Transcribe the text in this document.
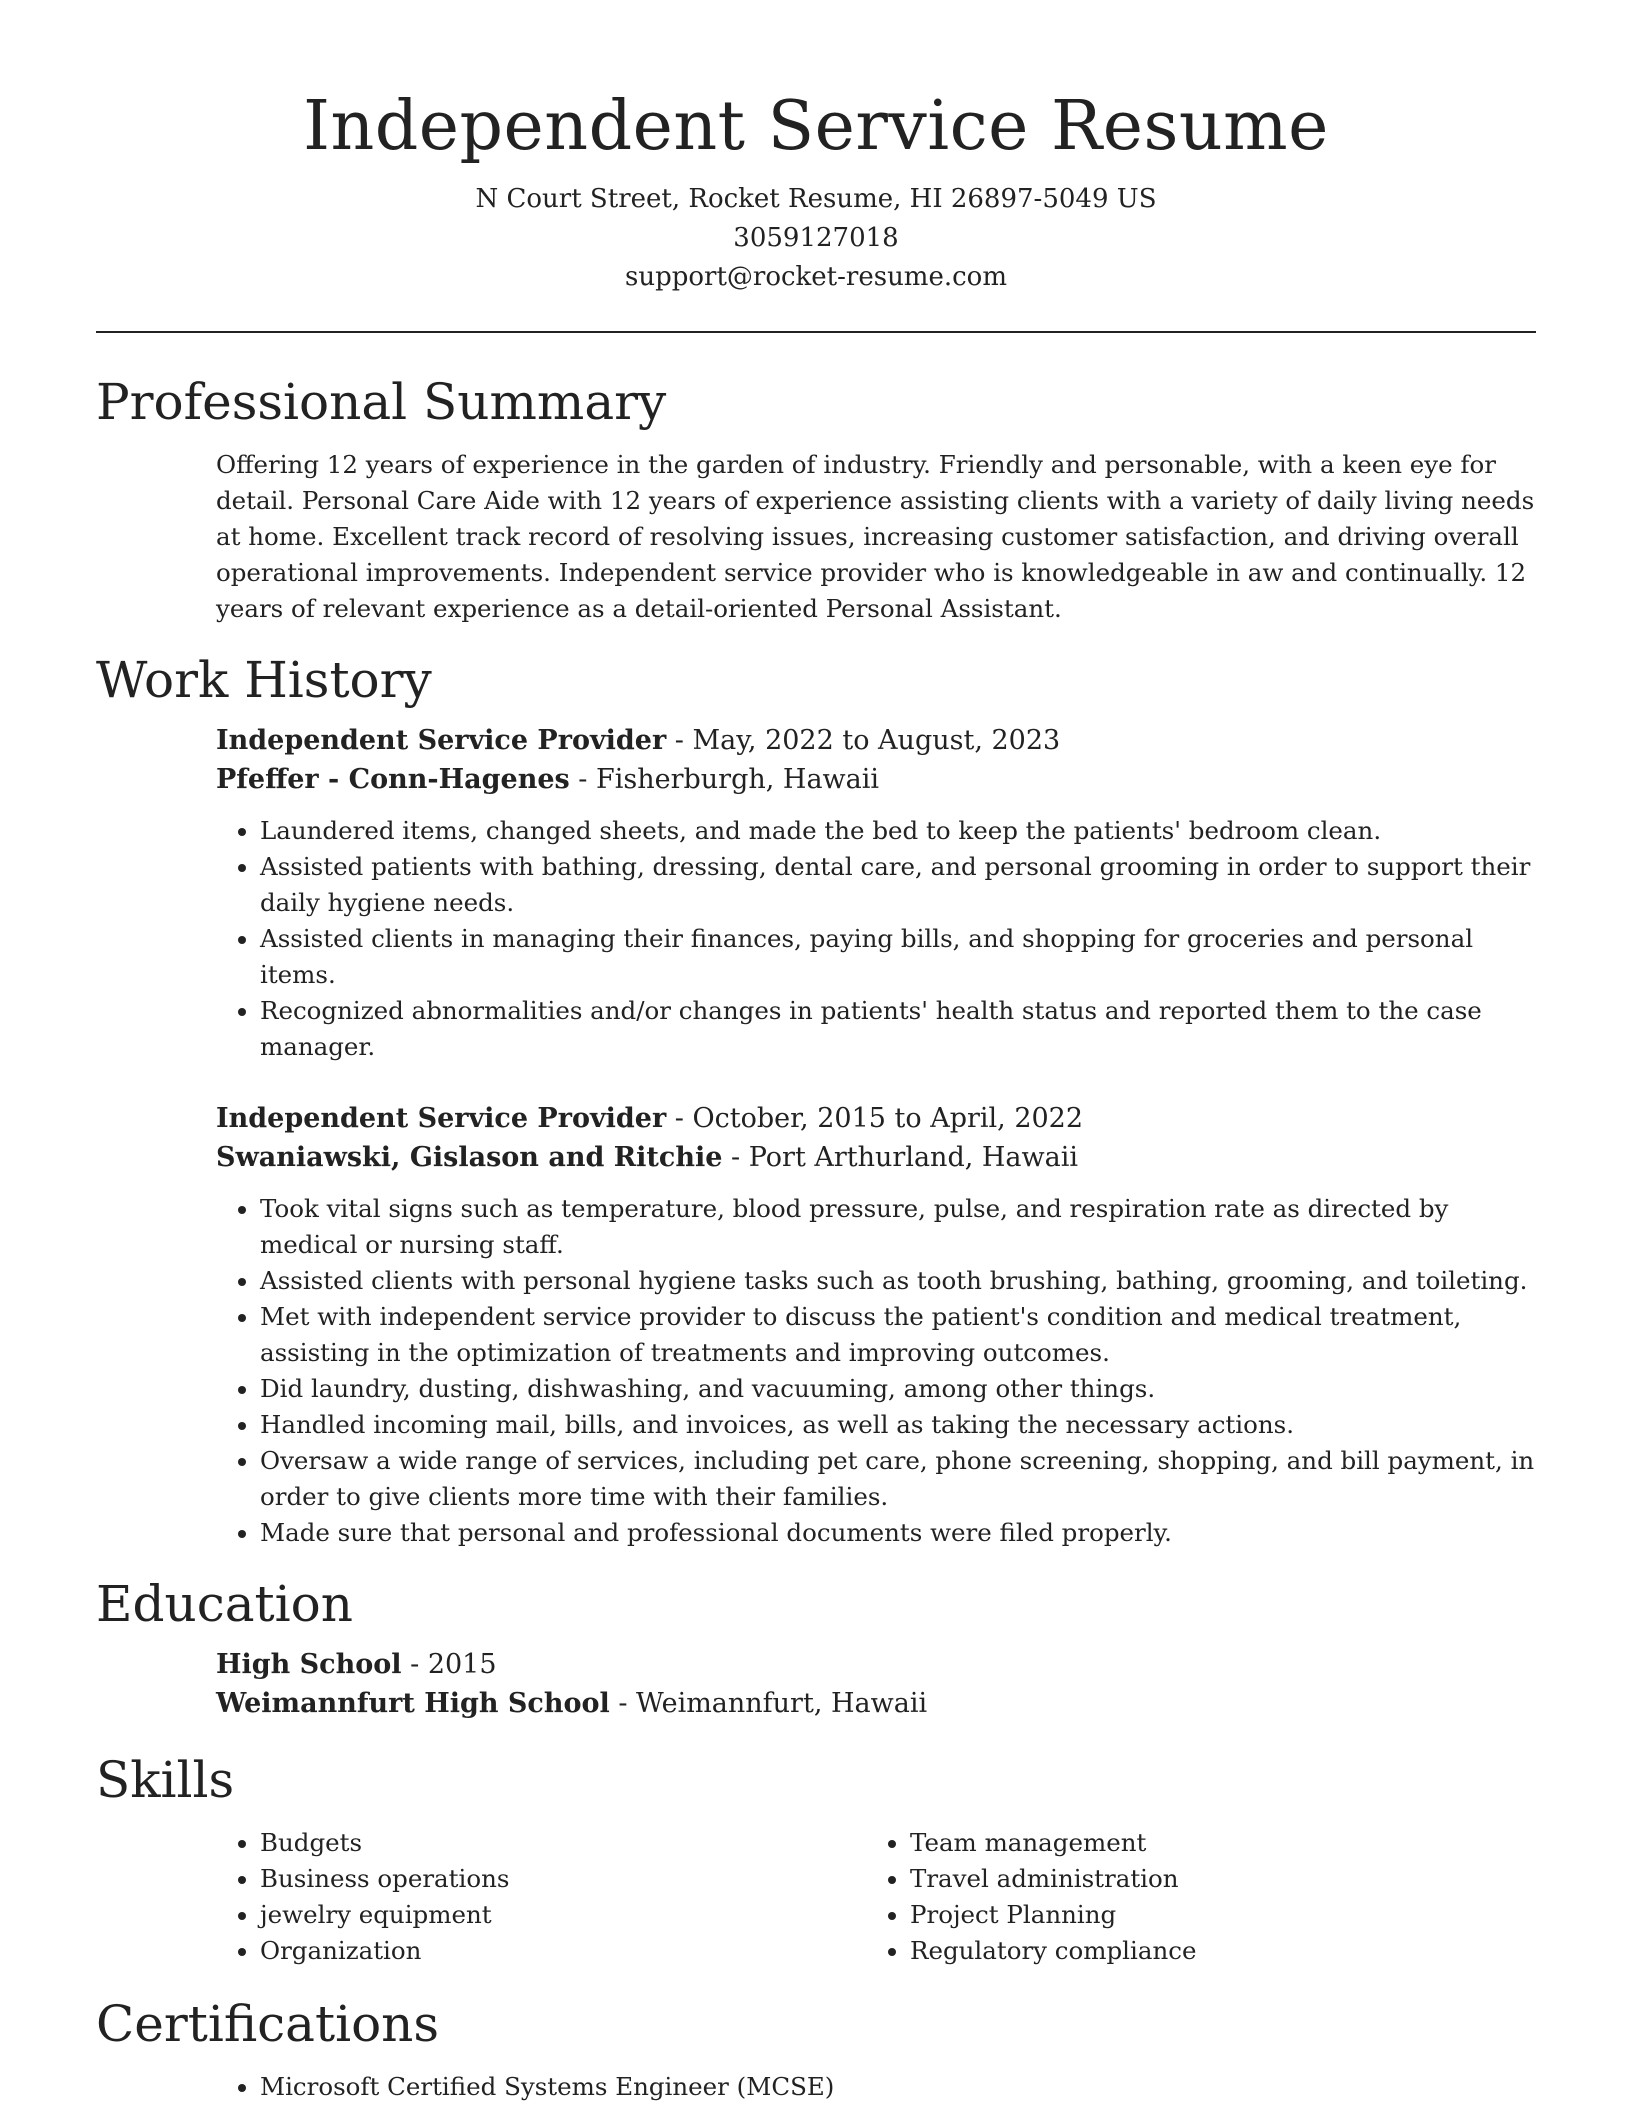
Independent Service Resume
N Court Street, Rocket Resume, HI 26897-5049 US
3059127018
support@rocket-resume.com
Professional Summary

Offering 12 years of experience in the garden of industry. Friendly and personable, with a keen eye for detail. Personal Care Aide with 12 years of experience assisting clients with a variety of daily living needs at home. Excellent track record of resolving issues, increasing customer satisfaction, and driving overall operational improvements. Independent service provider who is knowledgeable in aw and continually. 12 years of relevant experience as a detail-oriented Personal Assistant.

Work History
Independent Service Provider - May, 2022 to August, 2023
Pfeffer - Conn-Hagenes - Fisherburgh, Hawaii
• Laundered items, changed sheets, and made the bed to keep the patients' bedroom clean.
• Assisted patients with bathing, dressing, dental care, and personal grooming in order to support their daily hygiene needs.
• Assisted clients in managing their finances, paying bills, and shopping for groceries and personal items.
• Recognized abnormalities and/or changes in patients' health status and reported them to the case manager.
Independent Service Provider - October, 2015 to April, 2022
Swaniawski, Gislason and Ritchie - Port Arthurland, Hawaii
• Took vital signs such as temperature, blood pressure, pulse, and respiration rate as directed by medical or nursing staff.
• Assisted clients with personal hygiene tasks such as tooth brushing, bathing, grooming, and toileting.
• Met with independent service provider to discuss the patient's condition and medical treatment, assisting in the optimization of treatments and improving outcomes.
• Did laundry, dusting, dishwashing, and vacuuming, among other things.
• Handled incoming mail, bills, and invoices, as well as taking the necessary actions.
• Oversaw a wide range of services, including pet care, phone screening, shopping, and bill payment, in order to give clients more time with their families.
• Made sure that personal and professional documents were filed properly.
Education
High School - 2015
Weimannfurt High School - Weimannfurt, Hawaii
Skills
• Budgets
• Business operations
• jewelry equipment
• Organization
• Team management
• Travel administration
• Project Planning
• Regulatory compliance
Certifications
• Microsoft Certified Systems Engineer (MCSE)
